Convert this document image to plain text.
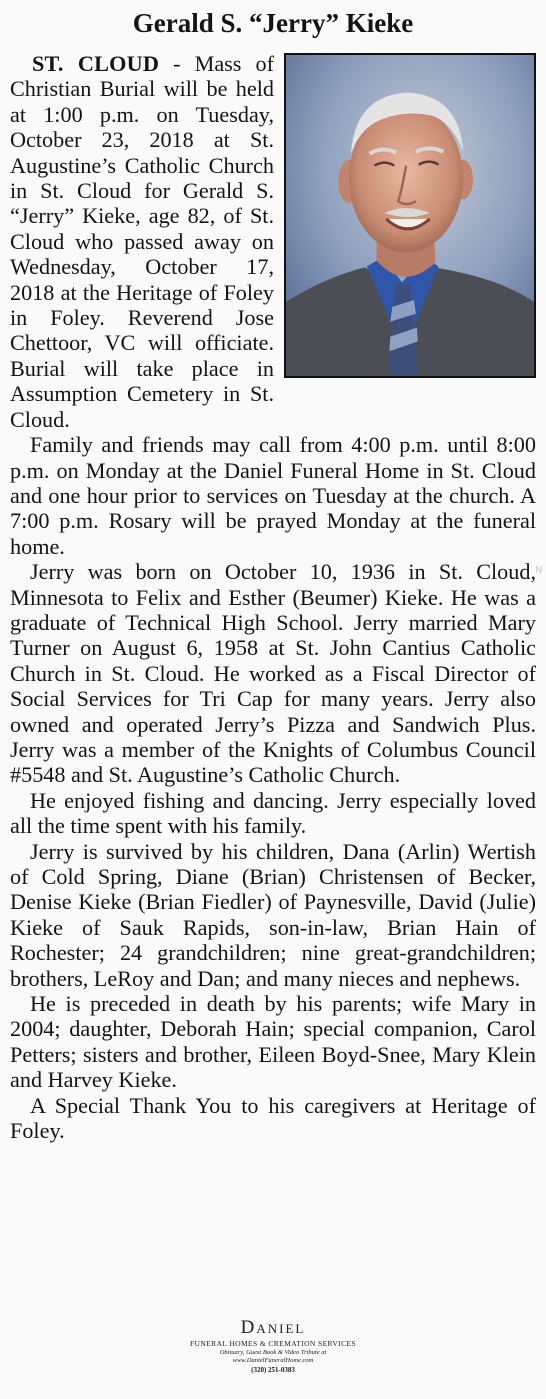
Gerald S. “Jerry” Kieke

ST. CLOUD - Mass of Christian Burial will be held at 1:00 p.m. on Tuesday, October 23, 2018 at St. Augustine’s Catholic Church in St. Cloud for Gerald S. “Jerry” Kieke, age 82, of St. Cloud who passed away on Wednesday, October 17, 2018 at the Heritage of Foley in Foley. Reverend Jose Chettoor, VC will officiate. Burial will take place in Assumption Cemetery in St. Cloud.

Family and friends may call from 4:00 p.m. until 8:00 p.m. on Monday at the Daniel Funeral Home in St. Cloud and one hour prior to services on Tuesday at the church. A 7:00 p.m. Rosary will be prayed Monday at the funeral home.

Jerry was born on October 10, 1936 in St. Cloud, Minnesota to Felix and Esther (Beumer) Kieke. He was a graduate of Technical High School. Jerry married Mary Turner on August 6, 1958 at St. John Cantius Catholic Church in St. Cloud. He worked as a Fiscal Director of Social Services for Tri Cap for many years. Jerry also owned and operated Jerry’s Pizza and Sandwich Plus. Jerry was a member of the Knights of Columbus Council #5548 and St. Augustine’s Catholic Church.

He enjoyed fishing and dancing. Jerry especially loved all the time spent with his family.

Jerry is survived by his children, Dana (Arlin) Wertish of Cold Spring, Diane (Brian) Christensen of Becker, Denise Kieke (Brian Fiedler) of Paynesville, David (Julie) Kieke of Sauk Rapids, son-in-law, Brian Hain of Rochester; 24 grandchildren; nine great-grandchildren; brothers, LeRoy and Dan; and many nieces and nephews.

He is preceded in death by his parents; wife Mary in 2004; daughter, Deborah Hain; special companion, Carol Petters; sisters and brother, Eileen Boyd-Snee, Mary Klein and Harvey Kieke.

A Special Thank You to his caregivers at Heritage of Foley.

N
Daniel
FUNERAL HOMES & CREMATION SERVICES
Obituary, Guest Book & Video Tribute at
www.DanielFuneralHome.com
(320) 251-0383
